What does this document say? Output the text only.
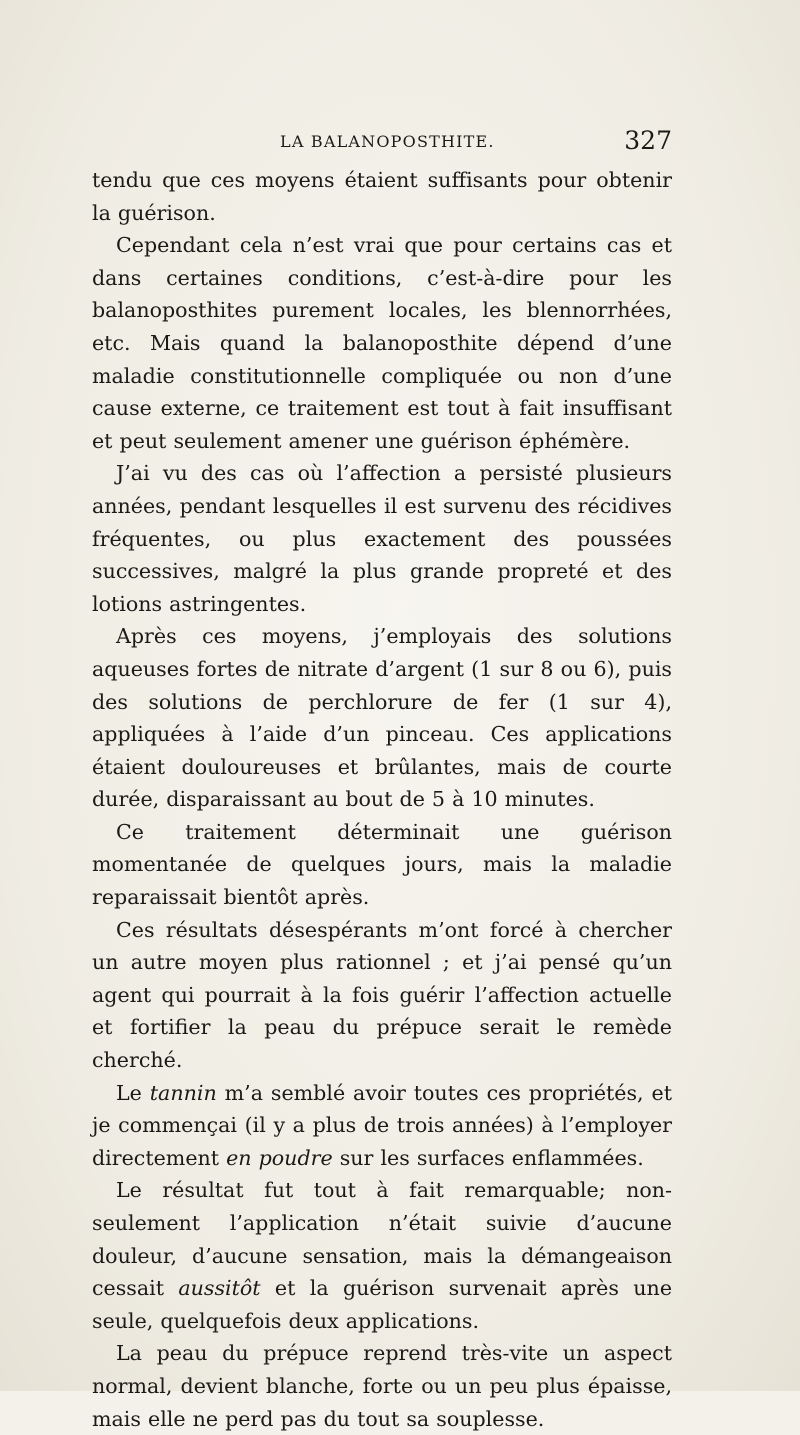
LA BALANOPOSTHITE.	327

tendu que ces moyens étaient suffisants pour obtenir la guérison.

Cependant cela n’est vrai que pour certains cas et dans certaines conditions, c’est-à-dire pour les balanoposthites purement locales, les blennorrhées, etc. Mais quand la balanoposthite dépend d’une maladie constitutionnelle compliquée ou non d’une cause externe, ce traitement est tout à fait insuffisant et peut seulement amener une guérison éphémère.

J’ai vu des cas où l’affection a persisté plusieurs années, pendant lesquelles il est survenu des récidives fréquentes, ou plus exactement des poussées successives, malgré la plus grande propreté et des lotions astringentes.

Après ces moyens, j’employais des solutions aqueuses fortes de nitrate d’argent (1 sur 8 ou 6), puis des solutions de perchlorure de fer (1 sur 4), appliquées à l’aide d’un pinceau. Ces applications étaient douloureuses et brûlantes, mais de courte durée, disparaissant au bout de 5 à 10 minutes.

Ce traitement déterminait une guérison momentanée de quelques jours, mais la maladie reparaissait bientôt après.

Ces résultats désespérants m’ont forcé à chercher un autre moyen plus rationnel ; et j’ai pensé qu’un agent qui pourrait à la fois guérir l’affection actuelle et fortifier la peau du prépuce serait le remède cherché.

Le tannin m’a semblé avoir toutes ces propriétés, et je commençai (il y a plus de trois années) à l’employer directement en poudre sur les surfaces enflammées.

Le résultat fut tout à fait remarquable; non-seulement l’application n’était suivie d’aucune douleur, d’aucune sensation, mais la démangeaison cessait aussitôt et la guérison survenait après une seule, quelquefois deux applications.

La peau du prépuce reprend très-vite un aspect normal, devient blanche, forte ou un peu plus épaisse, mais elle ne perd pas du tout sa souplesse.
